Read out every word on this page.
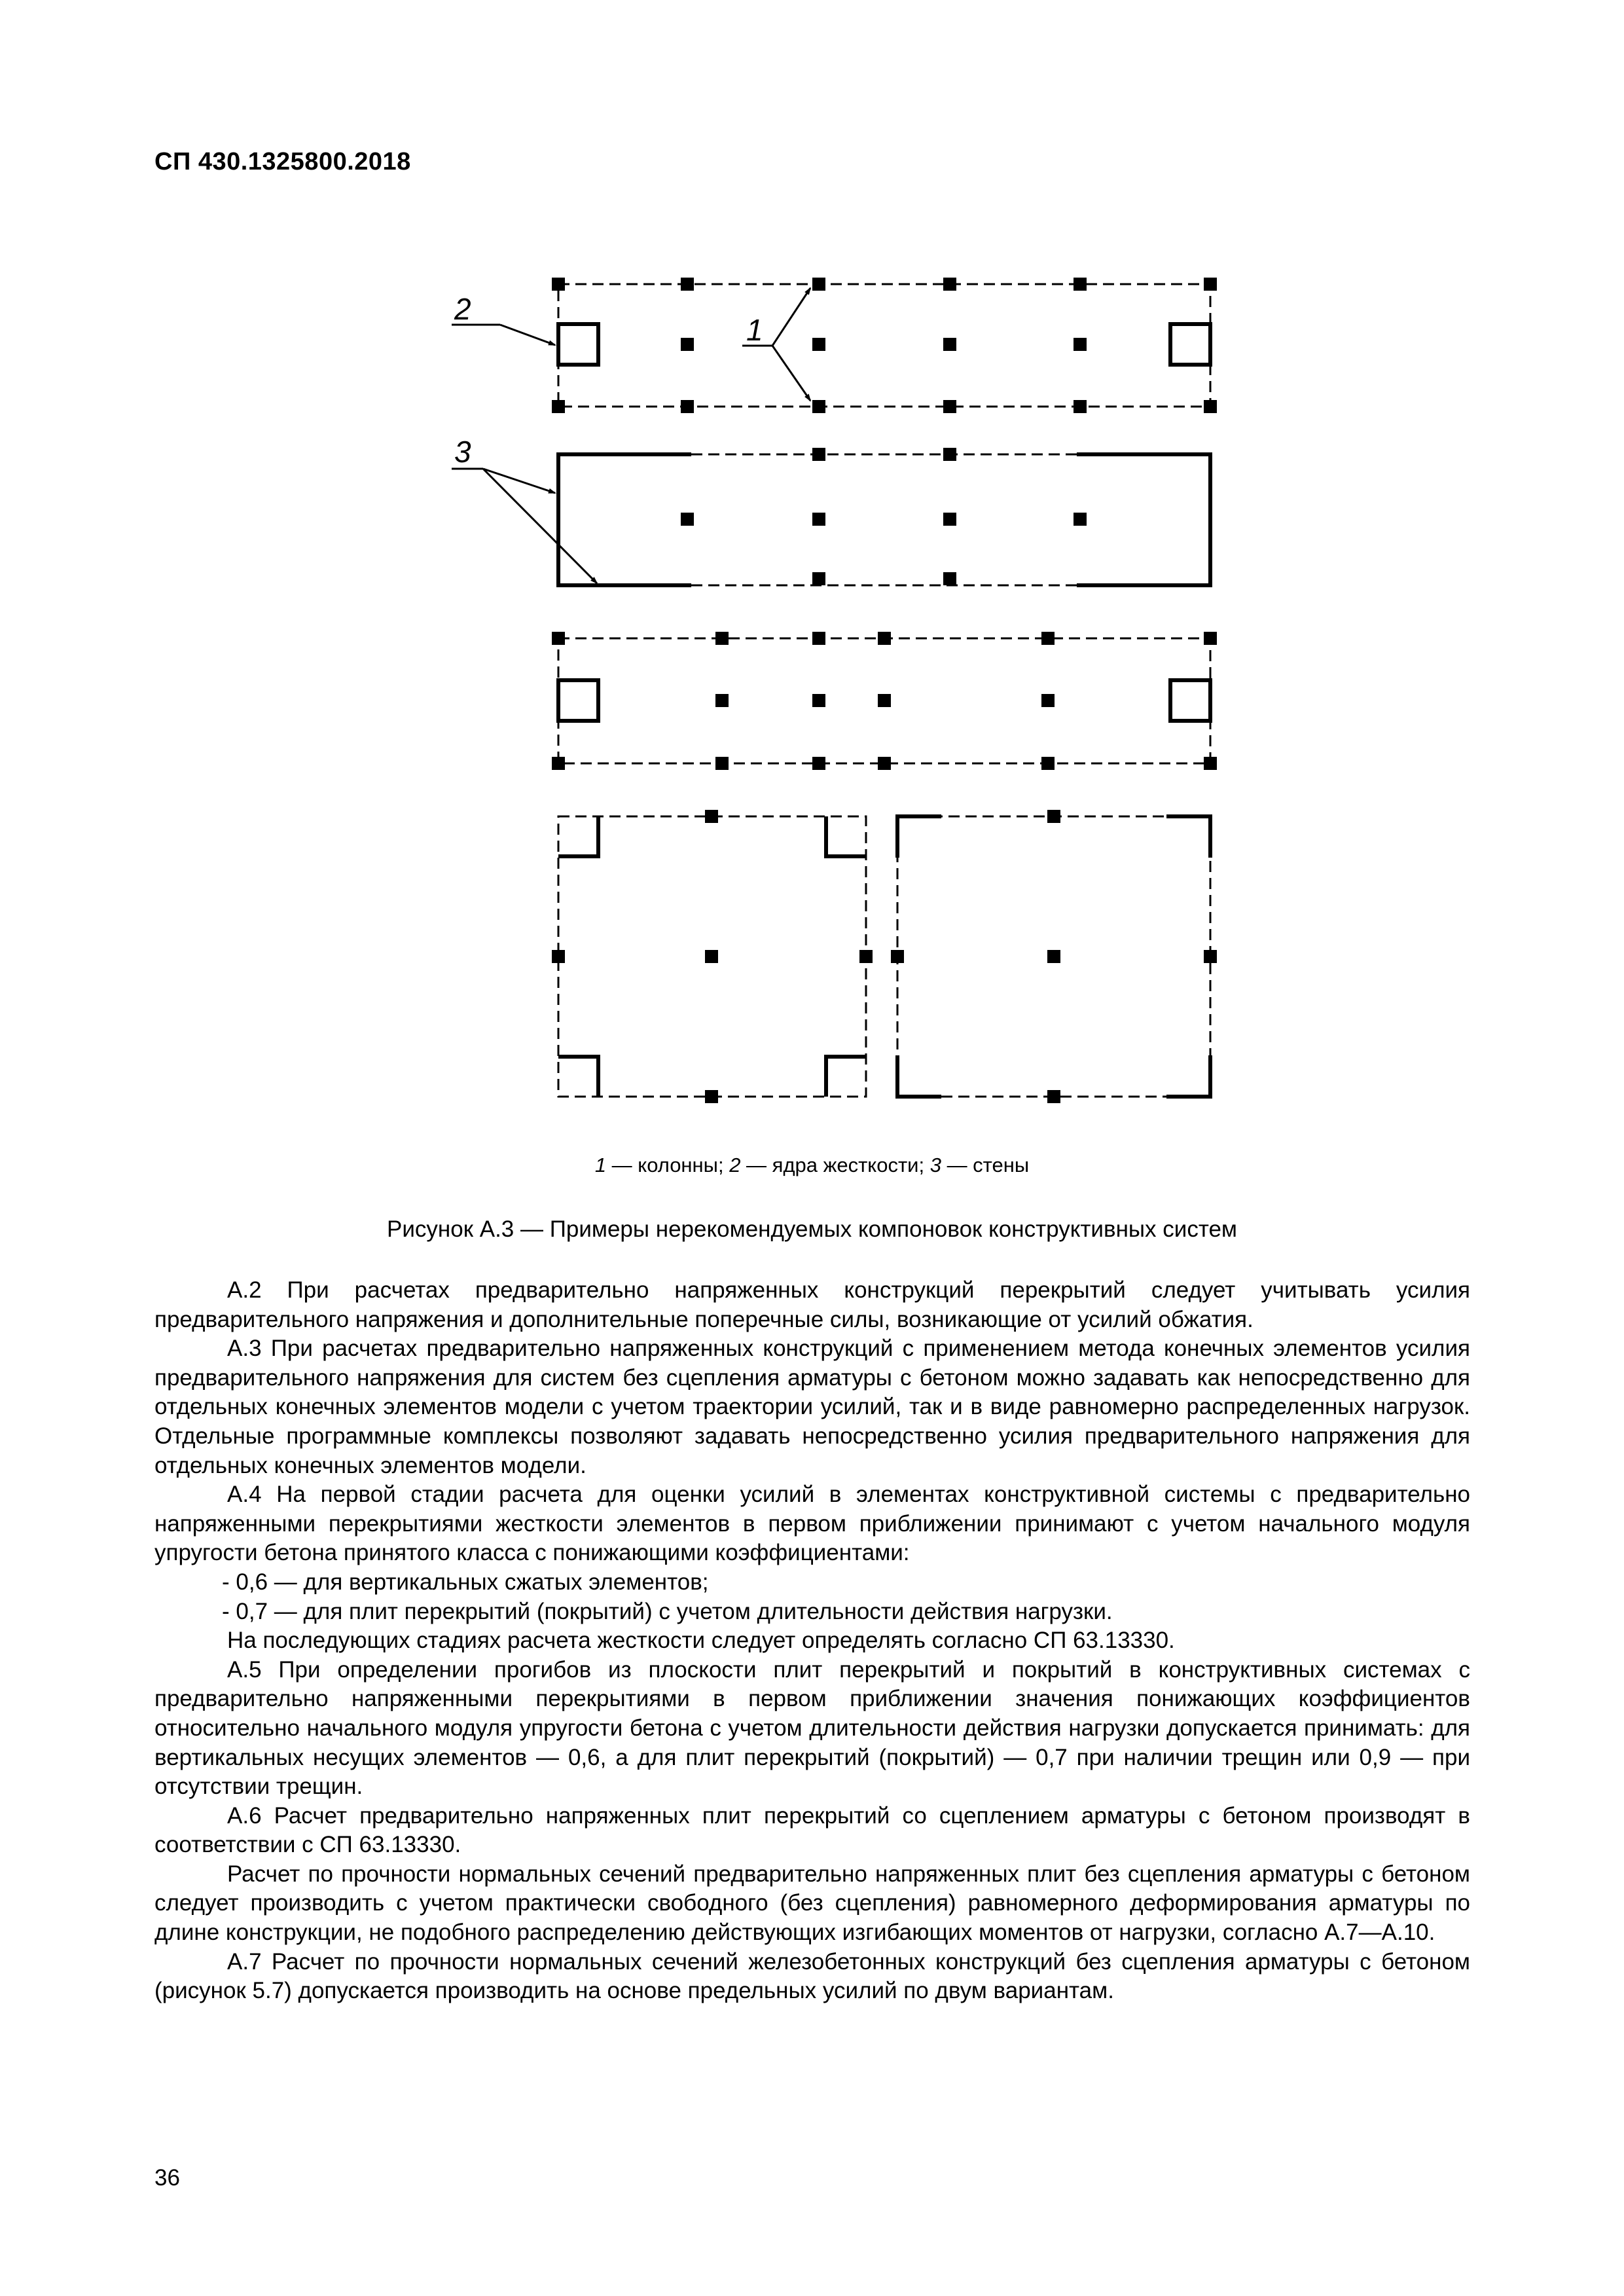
СП 430.1325800.2018
2
1
3
1 — колонны; 2 — ядра жесткости; 3 — стены
Рисунок А.3 — Примеры нерекомендуемых компоновок конструктивных систем

А.2 При расчетах предварительно напряженных конструкций перекрытий следует учитывать усилия предварительного напряжения и дополнительные поперечные силы, возникающие от усилий обжатия.

А.3 При расчетах предварительно напряженных конструкций с применением метода конечных элементов усилия предварительного напряжения для систем без сцепления арматуры с бетоном можно задавать как непосредственно для отдельных конечных элементов модели с учетом траектории усилий, так и в виде равномерно распределенных нагрузок. Отдельные программные комплексы позволяют задавать непосредственно усилия предварительного напряжения для отдельных конечных элементов модели.

А.4 На первой стадии расчета для оценки усилий в элементах конструктивной системы с предварительно напряженными перекрытиями жесткости элементов в первом приближении принимают с учетом начального модуля упругости бетона принятого класса с понижающими коэффициентами:

- 0,6 — для вертикальных сжатых элементов;

- 0,7 — для плит перекрытий (покрытий) с учетом длительности действия нагрузки.

На последующих стадиях расчета жесткости следует определять согласно СП 63.13330.

А.5 При определении прогибов из плоскости плит перекрытий и покрытий в конструктивных системах с предварительно напряженными перекрытиями в первом приближении значения понижающих коэффициентов относительно начального модуля упругости бетона с учетом длительности действия нагрузки допускается принимать: для вертикальных несущих элементов — 0,6, а для плит перекрытий (покрытий) — 0,7 при наличии трещин или 0,9 — при отсутствии трещин.

А.6 Расчет предварительно напряженных плит перекрытий со сцеплением арматуры с бетоном производят в соответствии с СП 63.13330.

Расчет по прочности нормальных сечений предварительно напряженных плит без сцепления арматуры с бетоном следует производить с учетом практически свободного (без сцепления) равномерного деформирования арматуры по длине конструкции, не подобного распределению действующих изгибающих моментов от нагрузки, согласно А.7—А.10.

А.7 Расчет по прочности нормальных сечений железобетонных конструкций без сцепления арматуры с бетоном (рисунок 5.7) допускается производить на основе предельных усилий по двум вариантам.

36
